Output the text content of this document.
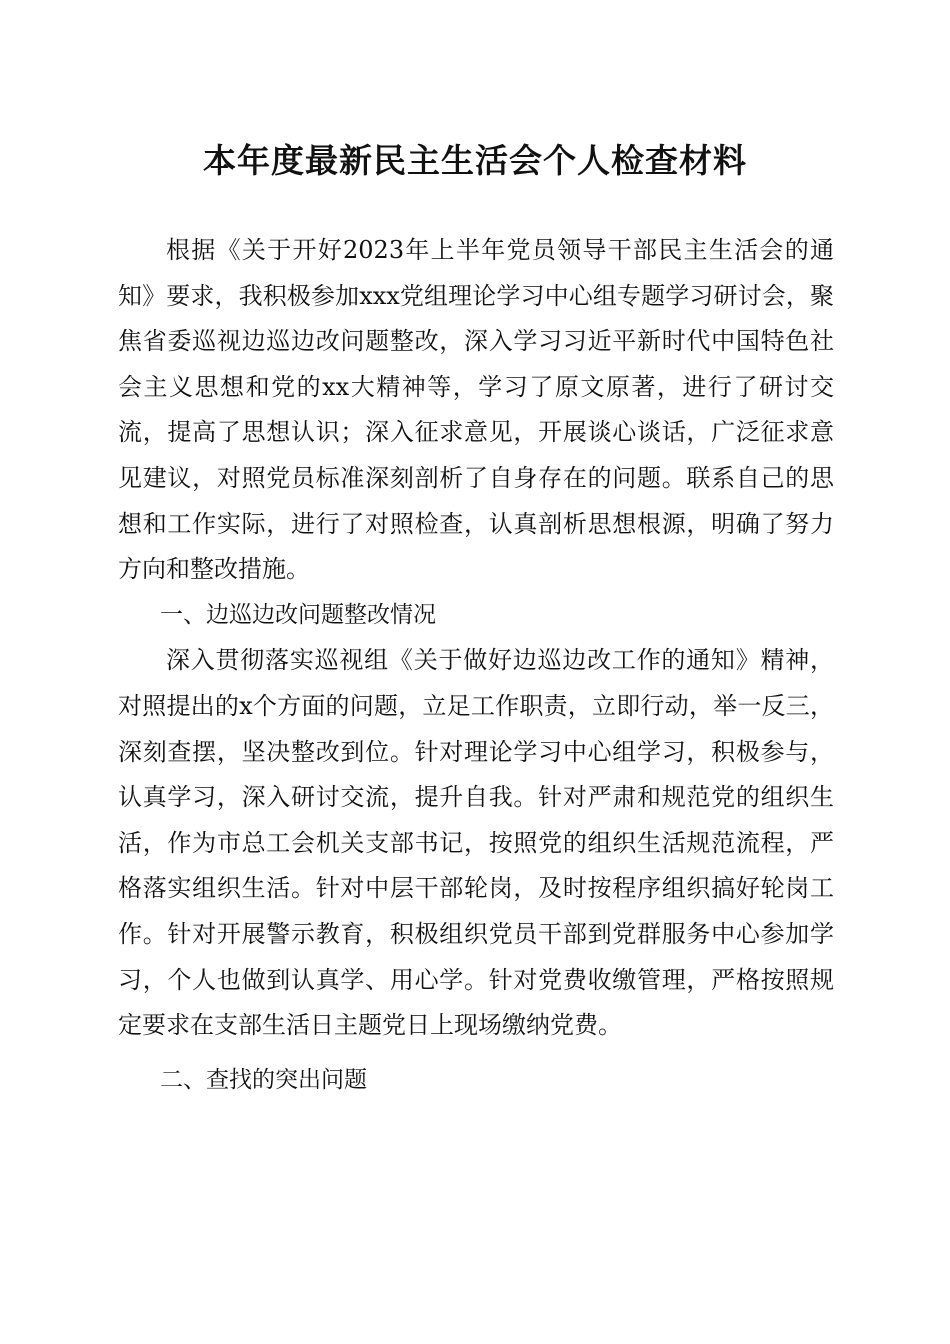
本年度最新民主生活会个人检查材料

根据《关于开好2023年上半年党员领导干部民主生活会的通知》要求，我积极参加xxx党组理论学习中心组专题学习研讨会，聚焦省委巡视边巡边改问题整改，深入学习习近平新时代中国特色社会主义思想和党的xx大精神等，学习了原文原著，进行了研讨交流，提高了思想认识；深入征求意见，开展谈心谈话，广泛征求意见建议，对照党员标准深刻剖析了自身存在的问题。联系自己的思想和工作实际，进行了对照检查，认真剖析思想根源，明确了努力方向和整改措施。

一、边巡边改问题整改情况

深入贯彻落实巡视组《关于做好边巡边改工作的通知》精神，对照提出的x个方面的问题，立足工作职责，立即行动，举一反三，深刻查摆，坚决整改到位。针对理论学习中心组学习，积极参与，认真学习，深入研讨交流，提升自我。针对严肃和规范党的组织生活，作为市总工会机关支部书记，按照党的组织生活规范流程，严格落实组织生活。针对中层干部轮岗，及时按程序组织搞好轮岗工作。针对开展警示教育，积极组织党员干部到党群服务中心参加学习，个人也做到认真学、用心学。针对党费收缴管理，严格按照规定要求在支部生活日主题党日上现场缴纳党费。

二、查找的突出问题
